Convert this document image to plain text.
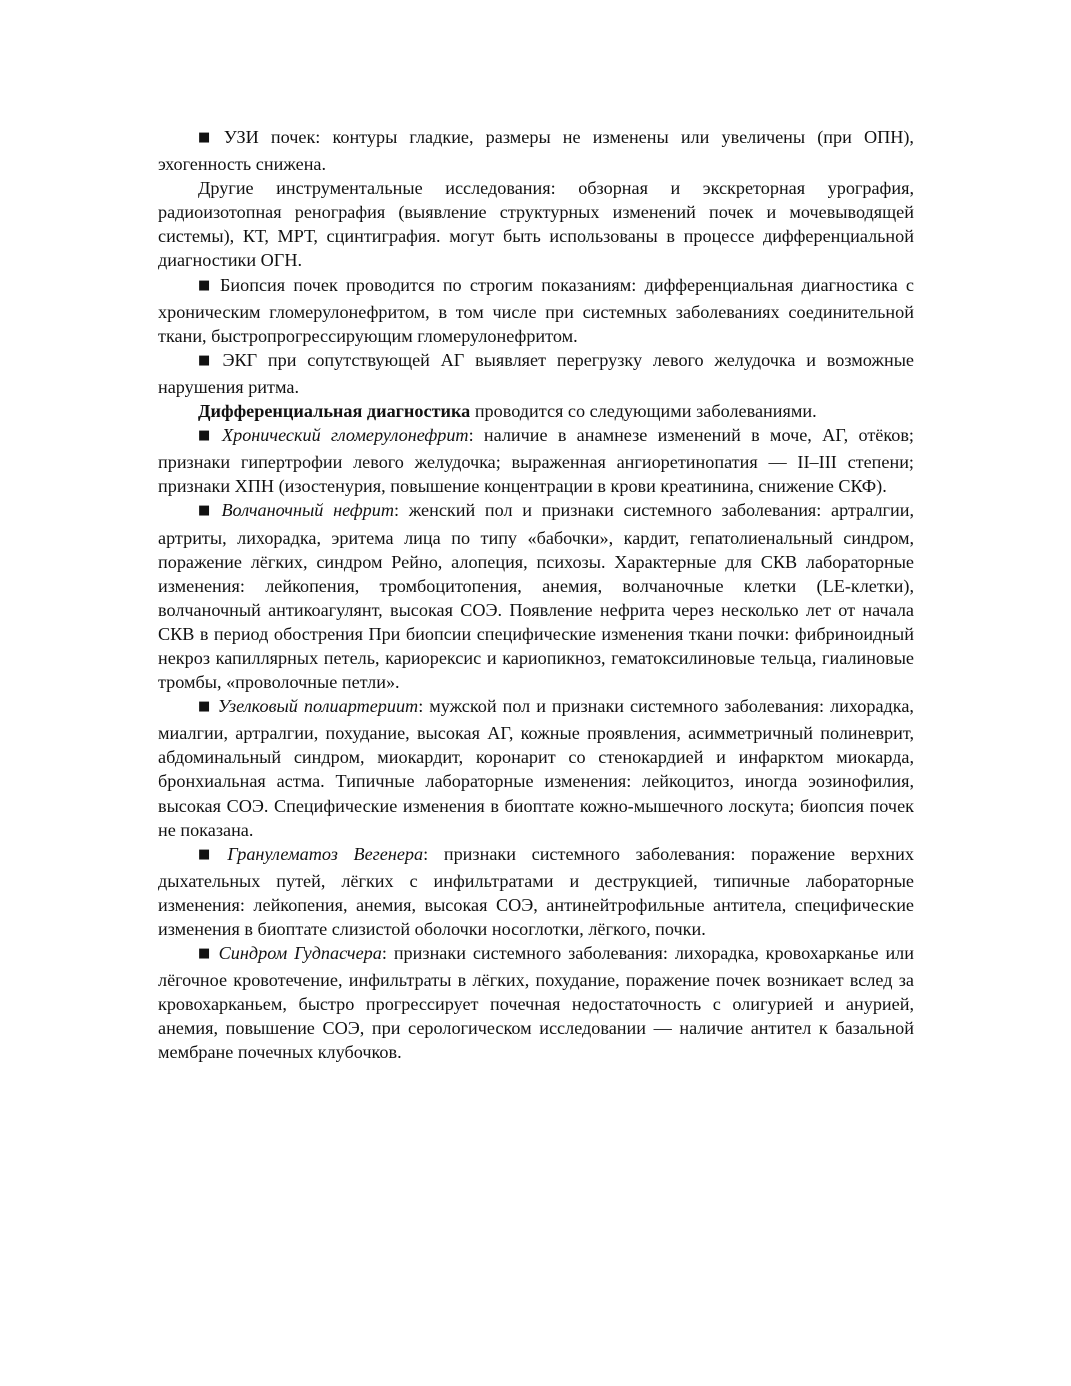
■ УЗИ почек: контуры гладкие, размеры не изменены или увеличены (при ОПН), эхогенность снижена.

Другие инструментальные исследования: обзорная и экскреторная урография, радиоизотопная ренография (выявление структурных изменений почек и мочевыводящей системы), КТ, МРТ, сцинтиграфия. могут быть использованы в процессе дифференциальной диагностики ОГН.

■ Биопсия почек проводится по строгим показаниям: дифференциальная диагностика с хроническим гломерулонефритом, в том числе при системных заболеваниях соединительной ткани, быстропрогрессирующим гломерулонефритом.

■ ЭКГ при сопутствующей АГ выявляет перегрузку левого желудочка и возможные нарушения ритма.

Дифференциальная диагностика проводится со следующими заболеваниями.

■ Хронический гломерулонефрит: наличие в анамнезе изменений в моче, АГ, отёков; признаки гипертрофии левого желудочка; выраженная ангиоретинопатия — II–III степени; признаки ХПН (изостенурия, повышение концентрации в крови креатинина, снижение СКФ).

■ Волчаночный нефрит: женский пол и признаки системного заболевания: артралгии, артриты, лихорадка, эритема лица по типу «бабочки», кардит, гепатолиенальный синдром, поражение лёгких, синдром Рейно, алопеция, психозы. Характерные для СКВ лабораторные изменения: лейкопения, тромбоцитопения, анемия, волчаночные клетки (LE-клетки), волчаночный антикоагулянт, высокая СОЭ. Появление нефрита через несколько лет от начала СКВ в период обострения При биопсии специфические изменения ткани почки: фибриноидный некроз капиллярных петель, кариорексис и кариопикноз, гематоксилиновые тельца, гиалиновые тромбы, «проволочные петли».

■ Узелковый полиартериит: мужской пол и признаки системного заболевания: лихорадка, миалгии, артралгии, похудание, высокая АГ, кожные проявления, асимметричный полиневрит, абдоминальный синдром, миокардит, коронарит со стенокардией и инфарктом миокарда, бронхиальная астма. Типичные лабораторные изменения: лейкоцитоз, иногда эозинофилия, высокая СОЭ. Специфические изменения в биоптате кожно-мышечного лоскута; биопсия почек не показана.

■ Гранулематоз Вегенера: признаки системного заболевания: поражение верхних дыхательных путей, лёгких с инфильтратами и деструкцией, типичные лабораторные изменения: лейкопения, анемия, высокая СОЭ, антинейтрофильные антитела, специфические изменения в биоптате слизистой оболочки носоглотки, лёгкого, почки.

■ Синдром Гудпасчера: признаки системного заболевания: лихорадка, кровохарканье или лёгочное кровотечение, инфильтраты в лёгких, похудание, поражение почек возникает вслед за кровохарканьем, быстро прогрессирует почечная недостаточность с олигурией и анурией, анемия, повышение СОЭ, при серологическом исследовании — наличие антител к базальной мембране почечных клубочков.
